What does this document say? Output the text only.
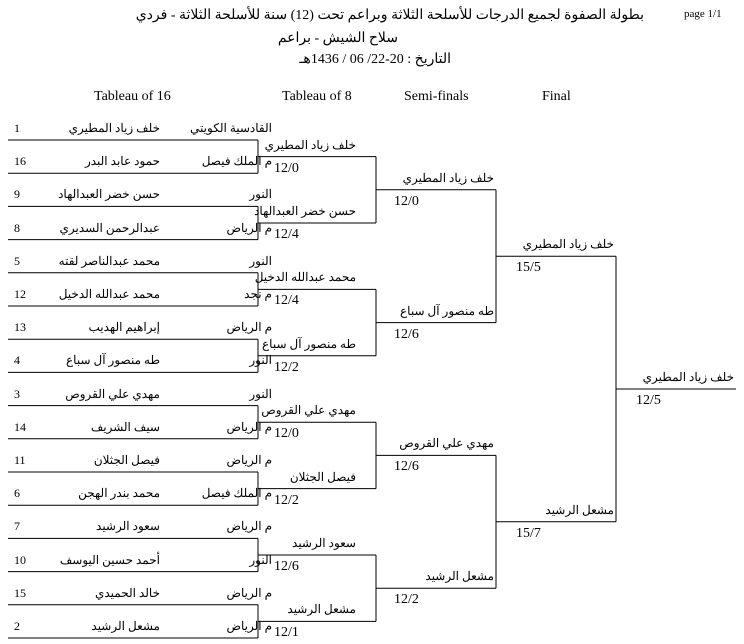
page 1/1
بطولة الصفوة لجميع الدرجات للأسلحة الثلاثة وبراعم تحت (12) سنة للأسلحة الثلاثة - فردي
سلاح الشيش - براعم
التاريخ : 20-22/ 06 / 1436هـ
Tableau of 16	Tableau of 8	Semi-finals	Final
1	خلف زياد المطيري	القادسية الكويتي
16	حمود عابد البدر	م الملك فيصل
9	حسن خضر العبدالهاد	النور
8	عبدالرحمن السديري	م الرياض
5	محمد عبدالناصر لقته	النور
12	محمد عبدالله الدخيل	م نجد
13	إبراهيم الهديب	م الرياض
4	طه منصور آل سباع	النور
3	مهدي علي القروص	النور
14	سيف الشريف	م الرياض
11	فيصل الجثلان	م الرياض
6	محمد بندر الهجن	م الملك فيصل
7	سعود الرشيد	م الرياض
10	أحمد حسين اليوسف	النور
15	خالد الحميدي	م الرياض
2	مشعل الرشيد	م الرياض
خلف زياد المطيري
12/0
حسن خضر العبدالهاد
12/4
محمد عبدالله الدخيل
12/4
طه منصور آل سباع
12/2
مهدي علي القروص
12/0
فيصل الجثلان
12/2
سعود الرشيد
12/6
مشعل الرشيد
12/1
خلف زياد المطيري
12/0
طه منصور آل سباع
12/6
مهدي علي القروص
12/6
مشعل الرشيد
12/2
خلف زياد المطيري
15/5
مشعل الرشيد
15/7
خلف زياد المطيري
12/5
